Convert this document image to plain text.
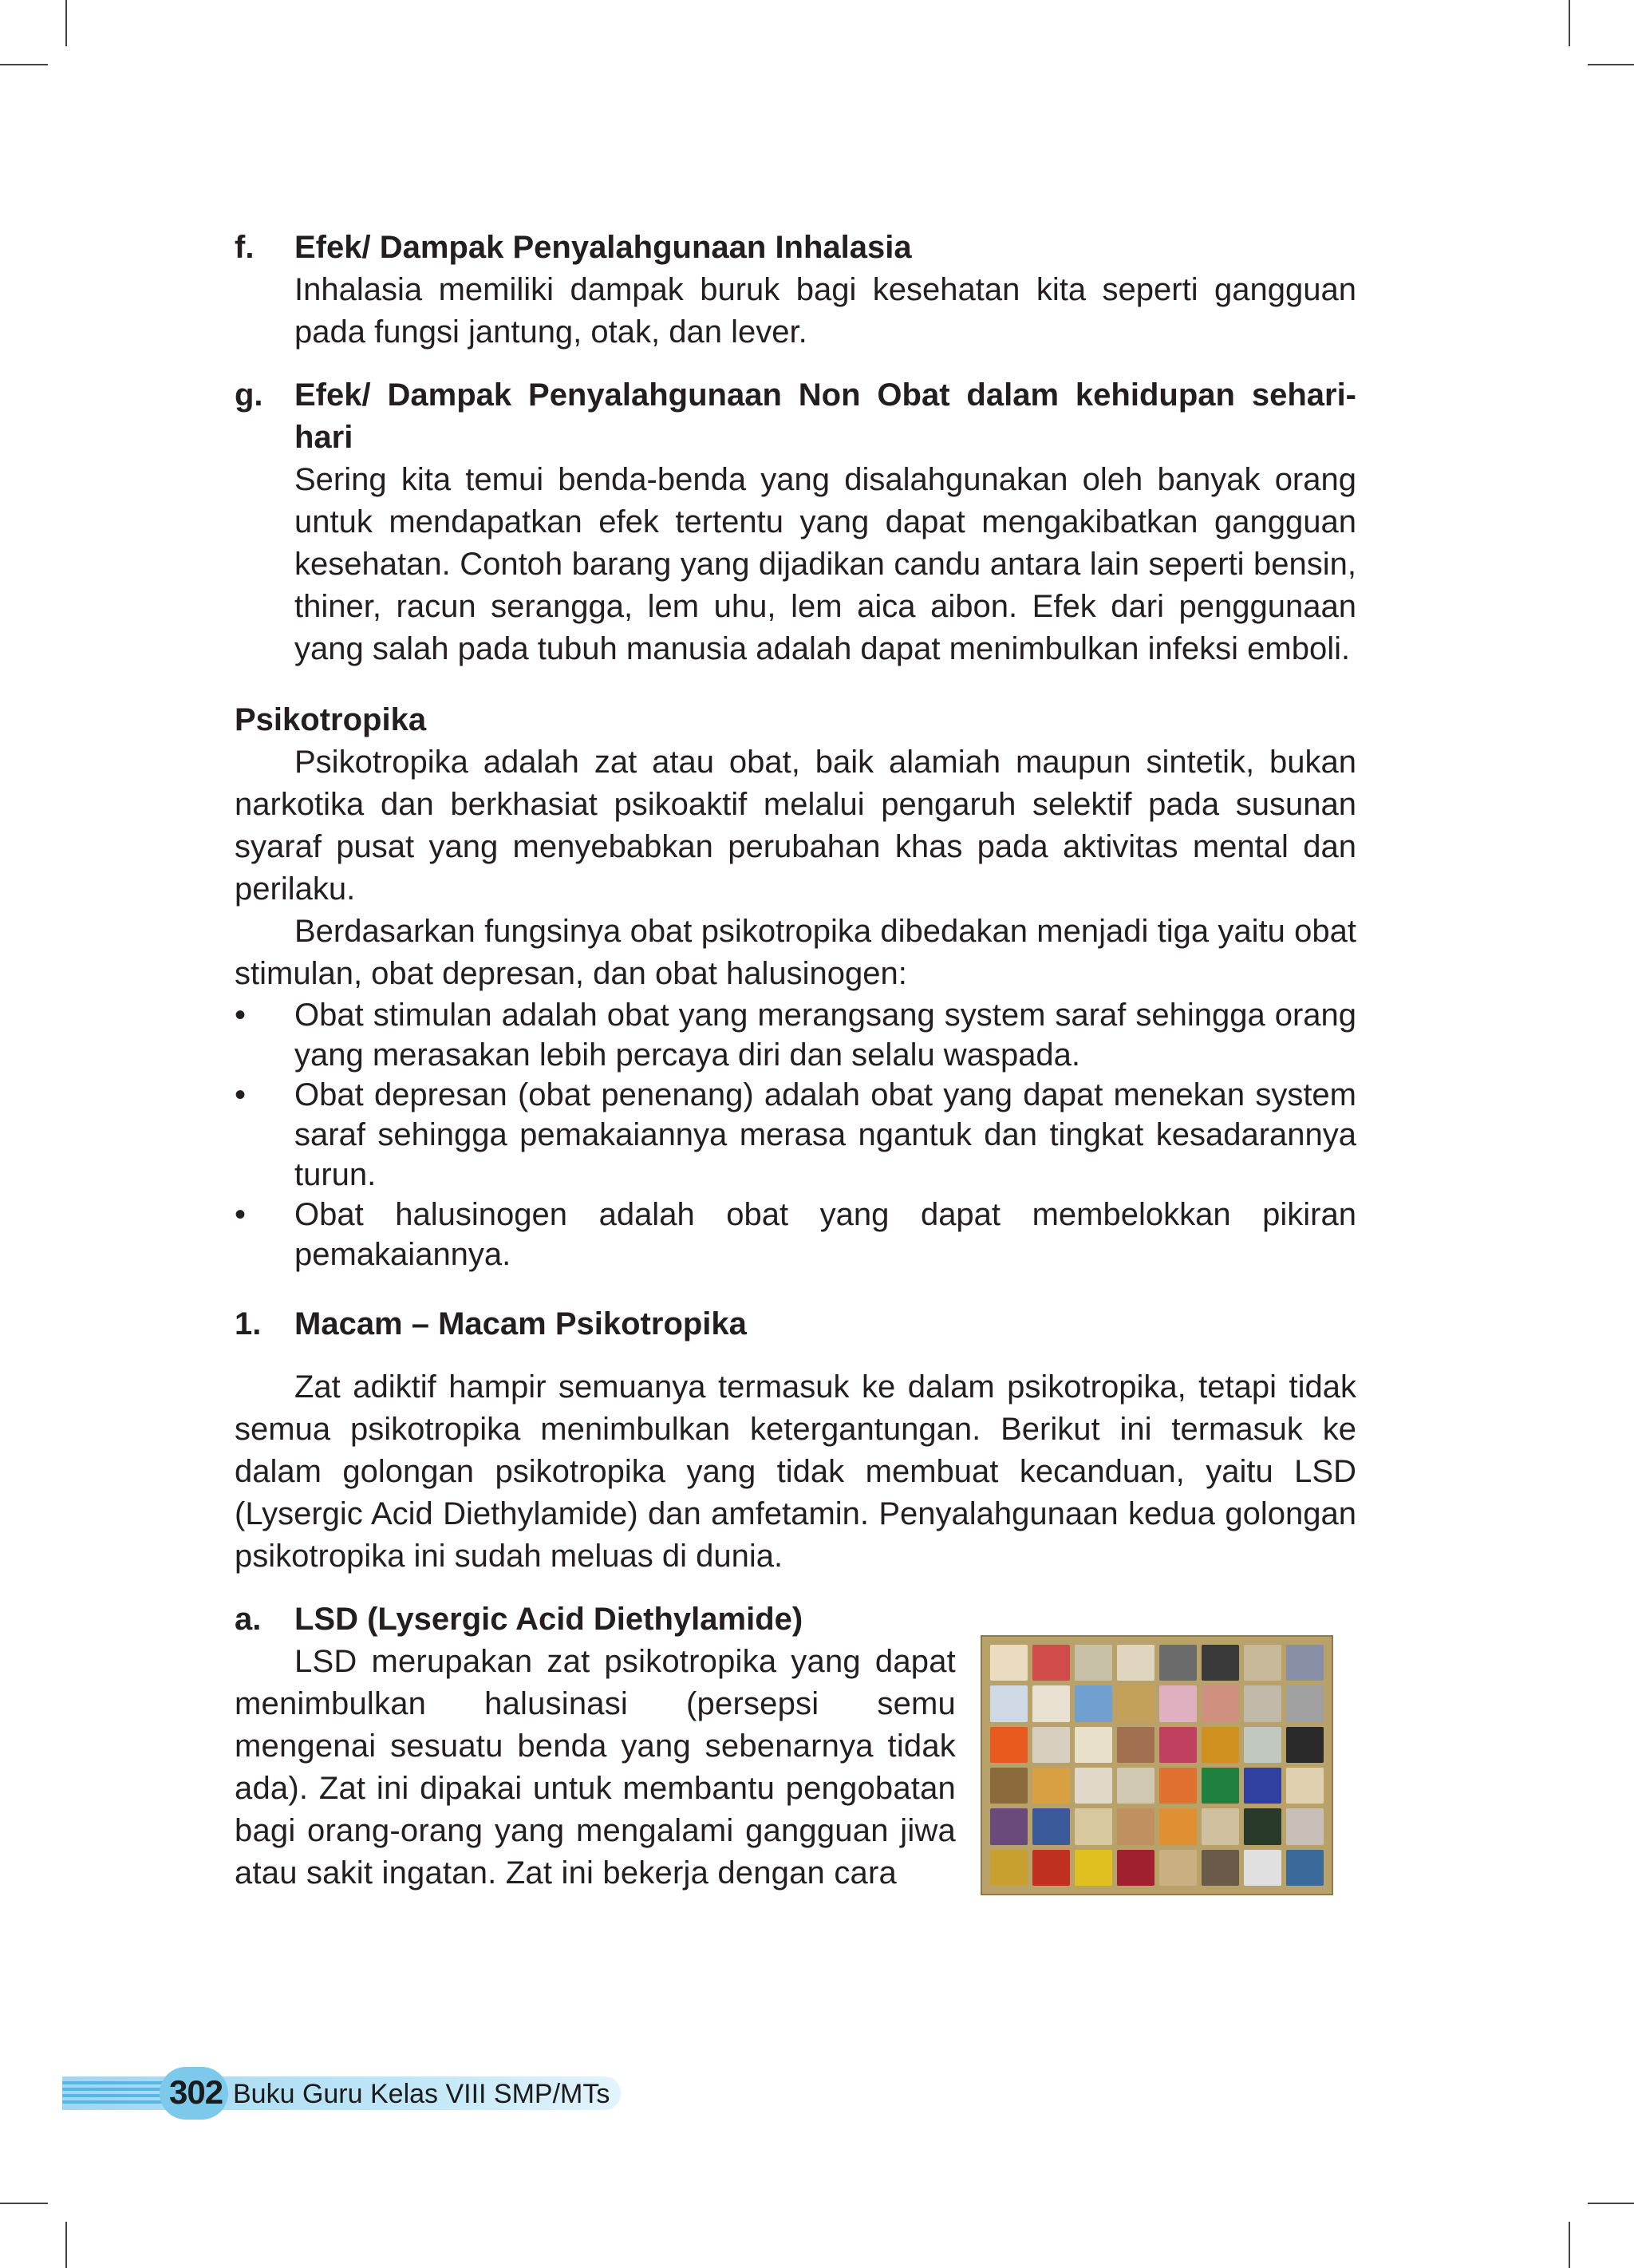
f. Efek/ Dampak Penyalahgunaan Inhalasia

Inhalasia memiliki dampak buruk bagi kesehatan kita seperti gangguan pada fungsi jantung, otak, dan lever.

g. Efek/ Dampak Penyalahgunaan Non Obat dalam kehidupan sehari-hari

Sering kita temui benda-benda yang disalahgunakan oleh banyak orang untuk mendapatkan efek tertentu yang dapat mengakibatkan gangguan kesehatan. Contoh barang yang dijadikan candu antara lain seperti bensin, thiner, racun serangga, lem uhu, lem aica aibon. Efek dari penggunaan yang salah pada tubuh manusia adalah dapat menimbulkan infeksi emboli.

Psikotropika

Psikotropika adalah zat atau obat, baik alamiah maupun sintetik, bukan narkotika dan berkhasiat psikoaktif melalui pengaruh selektif pada susunan syaraf pusat yang menyebabkan perubahan khas pada aktivitas mental dan perilaku.

Berdasarkan fungsinya obat psikotropika dibedakan menjadi tiga yaitu obat stimulan, obat depresan, dan obat halusinogen:

• Obat stimulan adalah obat yang merangsang system saraf sehingga orang yang merasakan lebih percaya diri dan selalu waspada.

• Obat depresan (obat penenang) adalah obat yang dapat menekan system saraf sehingga pemakaiannya merasa ngantuk dan tingkat kesadarannya turun.

• Obat halusinogen adalah obat yang dapat membelokkan pikiran pemakaiannya.

1. Macam – Macam Psikotropika

Zat adiktif hampir semuanya termasuk ke dalam psikotropika, tetapi tidak semua psikotropika menimbulkan ketergantungan. Berikut ini termasuk ke dalam golongan psikotropika yang tidak membuat kecanduan, yaitu LSD (Lysergic Acid Diethylamide) dan amfetamin. Penyalahgunaan kedua golongan psikotropika ini sudah meluas di dunia.

a. LSD (Lysergic Acid Diethylamide)

LSD merupakan zat psikotropika yang dapat menimbulkan halusinasi (persepsi semu mengenai sesuatu benda yang sebenarnya tidak ada). Zat ini dipakai untuk membantu pengobatan bagi orang-orang yang mengalami gangguan jiwa atau sakit ingatan. Zat ini bekerja dengan cara

302 Buku Guru Kelas VIII SMP/MTs
